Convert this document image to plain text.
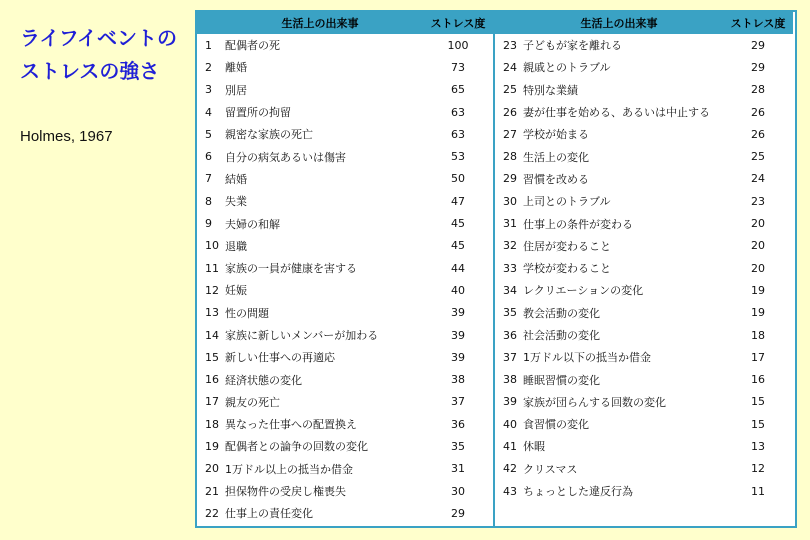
ライフイベントの
ストレスの強さ
Holmes, 1967
生活上の出来事	ストレス度
1	配偶者の死	100
2	離婚	73
3	別居	65
4	留置所の拘留	63
5	親密な家族の死亡	63
6	自分の病気あるいは傷害	53
7	結婚	50
8	失業	47
9	夫婦の和解	45
10 退職	45
11 家族の一員が健康を害する	44
12 妊娠	40
13 性の問題	39
14 家族に新しいメンバーが加わる	39
15 新しい仕事への再適応	39
16 経済状態の変化	38
17 親友の死亡	37
18 異なった仕事への配置換え	36
19 配偶者との論争の回数の変化	35
20 1万ドル以上の抵当か借金	31
21 担保物件の受戻し権喪失	30
22 仕事上の責任変化	29
生活上の出来事	ストレス度
23 子どもが家を離れる	29
24 親戚とのトラブル	29
25 特別な業績	28
26 妻が仕事を始める、あるいは中止する	26
27 学校が始まる	26
28 生活上の変化	25
29 習慣を改める	24
30 上司とのトラブル	23
31 仕事上の条件が変わる	20
32 住居が変わること	20
33 学校が変わること	20
34 レクリエーションの変化	19
35 教会活動の変化	19
36 社会活動の変化	18
37 1万ドル以下の抵当か借金	17
38 睡眠習慣の変化	16
39 家族が団らんする回数の変化	15
40 食習慣の変化	15
41 休暇	13
42 クリスマス	12
43 ちょっとした違反行為	11
